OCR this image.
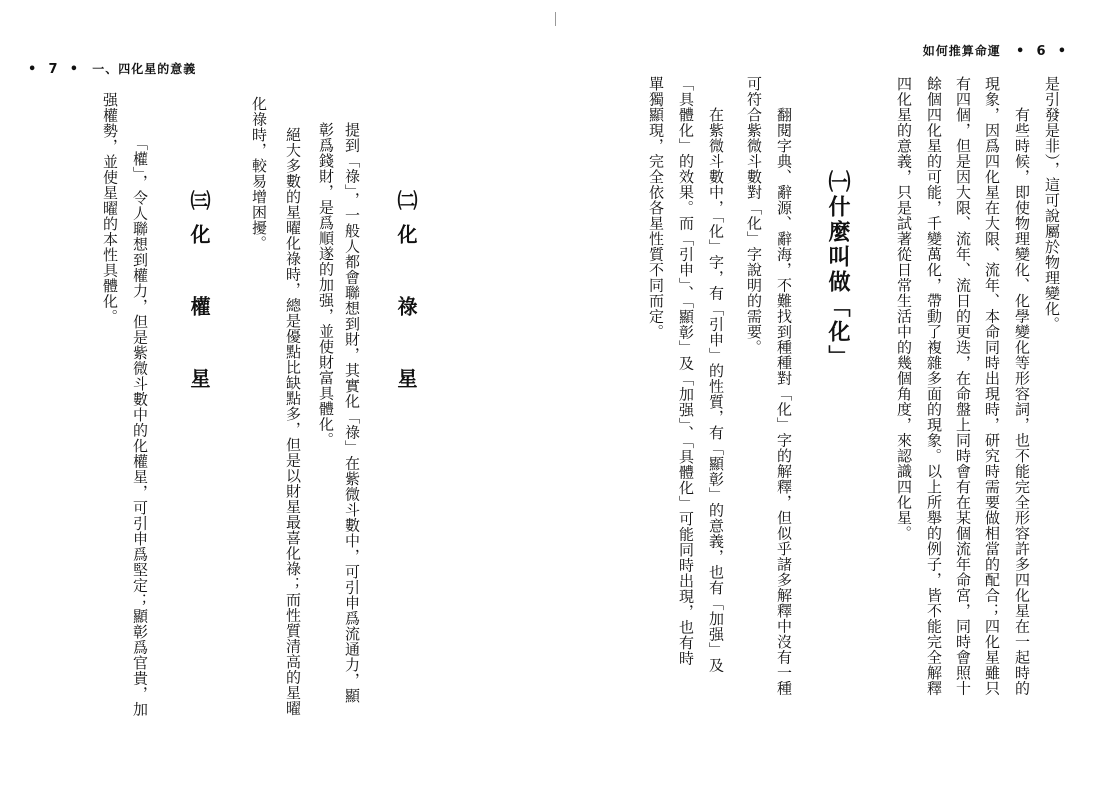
• 7 • 一、四化星的意義
㈡化 祿 星
提到「祿」，一般人都會聯想到財，其實化「祿」在紫微斗數中，可引申爲流通力，顯
彰爲錢財，是爲順遂的加强，並使財富具體化。
　　絕大多數的星曜化祿時，總是優點比缺點多，但是以財星最喜化祿；而性質清高的星曜
化祿時，較易增困擾。
㈢化 權 星
　　「權」，令人聯想到權力，但是紫微斗數中的化權星，可引申爲堅定；顯彰爲官貴，加
强權勢，並使星曜的本性具體化。
如何推算命運 • 6 •
是引發是非），這可說屬於物理變化。
　　有些時候，即使物理變化、化學變化等形容詞，也不能完全形容許多四化星在一起時的
現象，因爲四化星在大限、流年、本命同時出現時，研究時需要做相當的配合；四化星雖只
有四個，但是因大限、流年、流日的更迭，在命盤上同時會有在某個流年命宮，同時會照十
餘個四化星的可能，千變萬化，帶動了複雜多面的現象。以上所舉的例子，皆不能完全解釋
四化星的意義，只是試著從日常生活中的幾個角度，來認識四化星。
㈠什麼叫做「化」
　　翻閱字典、辭源、辭海，不難找到種種對「化」字的解釋，但似乎諸多解釋中沒有一種
可符合紫微斗數對「化」字說明的需要。
　　在紫微斗數中，「化」字，有「引申」的性質，有「顯彰」的意義，也有「加强」及
「具體化」的效果。而「引申」、「顯彰」及「加强」、「具體化」可能同時出現，也有時
單獨顯現，完全依各星性質不同而定。
